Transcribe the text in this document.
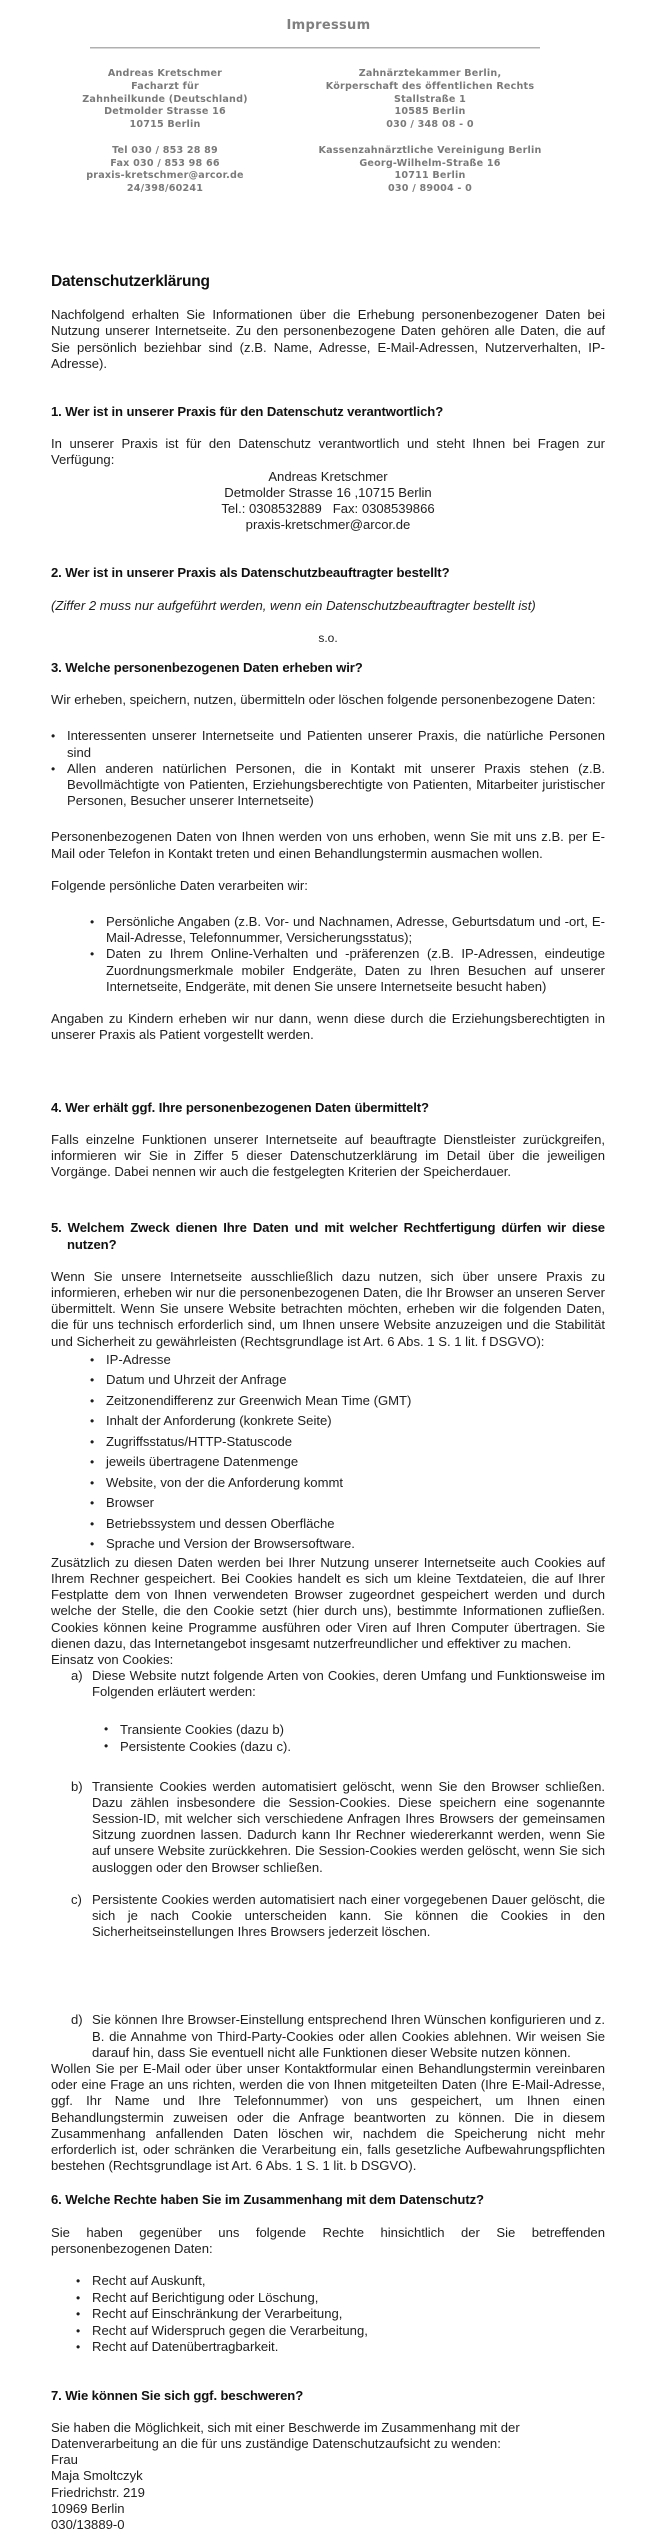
Impressum
Andreas Kretschmer
Facharzt für
Zahnheilkunde (Deutschland)
Detmolder Strasse 16
10715 Berlin
Tel 030 / 853 28 89
Fax 030 / 853 98 66
praxis-kretschmer@arcor.de
24/398/60241
Zahnärztekammer Berlin,
Körperschaft des öffentlichen Rechts
Stallstraße 1
10585 Berlin
030 / 348 08 - 0
Kassenzahnärztliche Vereinigung Berlin
Georg-Wilhelm-Straße 16
10711 Berlin
030 / 89004 - 0
Datenschutzerklärung
Nachfolgend erhalten Sie Informationen über die Erhebung personenbezogener Daten bei Nutzung unserer Internetseite. Zu den personenbezogene Daten gehören alle Daten, die auf Sie persönlich beziehbar sind (z.B. Name, Adresse, E-Mail-Adressen, Nutzerverhalten, IP-Adresse).
1. Wer ist in unserer Praxis für den Datenschutz verantwortlich?
In unserer Praxis ist für den Datenschutz verantwortlich und steht Ihnen bei Fragen zur Verfügung:
Andreas Kretschmer
Detmolder Strasse 16 ,10715 Berlin
Tel.: 0308532889   Fax: 0308539866
praxis-kretschmer@arcor.de
2. Wer ist in unserer Praxis als Datenschutzbeauftragter bestellt?
(Ziffer 2 muss nur aufgeführt werden, wenn ein Datenschutzbeauftragter bestellt ist)
s.o.
3. Welche personenbezogenen Daten erheben wir?
Wir erheben, speichern, nutzen, übermitteln oder löschen folgende personenbezogene Daten:
• Interessenten unserer Internetseite und Patienten unserer Praxis, die natürliche Personen sind
• Allen anderen natürlichen Personen, die in Kontakt mit unserer Praxis stehen (z.B. Bevollmächtigte von Patienten, Erziehungsberechtigte von Patienten, Mitarbeiter juristischer Personen, Besucher unserer Internetseite)
Personenbezogenen Daten von Ihnen werden von uns erhoben, wenn Sie mit uns z.B. per E-Mail oder Telefon in Kontakt treten und einen Behandlungstermin ausmachen wollen.
Folgende persönliche Daten verarbeiten wir:
• Persönliche Angaben (z.B. Vor- und Nachnamen, Adresse, Geburtsdatum und -ort, E-Mail-Adresse, Telefonnummer, Versicherungsstatus);
• Daten zu Ihrem Online-Verhalten und -präferenzen (z.B. IP-Adressen, eindeutige Zuordnungsmerkmale mobiler Endgeräte, Daten zu Ihren Besuchen auf unserer Internetseite, Endgeräte, mit denen Sie unsere Internetseite besucht haben)
Angaben zu Kindern erheben wir nur dann, wenn diese durch die Erziehungsberechtigten in unserer Praxis als Patient vorgestellt werden.
4. Wer erhält ggf. Ihre personenbezogenen Daten übermittelt?
Falls einzelne Funktionen unserer Internetseite auf beauftragte Dienstleister zurückgreifen, informieren wir Sie in Ziffer 5 dieser Datenschutzerklärung im Detail über die jeweiligen Vorgänge. Dabei nennen wir auch die festgelegten Kriterien der Speicherdauer.
5. Welchem Zweck dienen Ihre Daten und mit welcher Rechtfertigung dürfen wir diese nutzen?
Wenn Sie unsere Internetseite ausschließlich dazu nutzen, sich über unsere Praxis zu informieren, erheben wir nur die personenbezogenen Daten, die Ihr Browser an unseren Server übermittelt. Wenn Sie unsere Website betrachten möchten, erheben wir die folgenden Daten, die für uns technisch erforderlich sind, um Ihnen unsere Website anzuzeigen und die Stabilität und Sicherheit zu gewährleisten (Rechtsgrundlage ist Art. 6 Abs. 1 S. 1 lit. f DSGVO):
• IP-Adresse
• Datum und Uhrzeit der Anfrage
• Zeitzonendifferenz zur Greenwich Mean Time (GMT)
• Inhalt der Anforderung (konkrete Seite)
• Zugriffsstatus/HTTP-Statuscode
• jeweils übertragene Datenmenge
• Website, von der die Anforderung kommt
• Browser
• Betriebssystem und dessen Oberfläche
• Sprache und Version der Browsersoftware.
Zusätzlich zu diesen Daten werden bei Ihrer Nutzung unserer Internetseite auch Cookies auf Ihrem Rechner gespeichert. Bei Cookies handelt es sich um kleine Textdateien, die auf Ihrer Festplatte dem von Ihnen verwendeten Browser zugeordnet gespeichert werden und durch welche der Stelle, die den Cookie setzt (hier durch uns), bestimmte Informationen zufließen. Cookies können keine Programme ausführen oder Viren auf Ihren Computer übertragen. Sie dienen dazu, das Internetangebot insgesamt nutzerfreundlicher und effektiver zu machen.
Einsatz von Cookies:
a) Diese Website nutzt folgende Arten von Cookies, deren Umfang und Funktionsweise im Folgenden erläutert werden:
• Transiente Cookies (dazu b)
• Persistente Cookies (dazu c).
b) Transiente Cookies werden automatisiert gelöscht, wenn Sie den Browser schließen. Dazu zählen insbesondere die Session-Cookies. Diese speichern eine sogenannte Session-ID, mit welcher sich verschiedene Anfragen Ihres Browsers der gemeinsamen Sitzung zuordnen lassen. Dadurch kann Ihr Rechner wiedererkannt werden, wenn Sie auf unsere Website zurückkehren. Die Session-Cookies werden gelöscht, wenn Sie sich ausloggen oder den Browser schließen.
c) Persistente Cookies werden automatisiert nach einer vorgegebenen Dauer gelöscht, die sich je nach Cookie unterscheiden kann. Sie können die Cookies in den Sicherheitseinstellungen Ihres Browsers jederzeit löschen.
d) Sie können Ihre Browser-Einstellung entsprechend Ihren Wünschen konfigurieren und z. B. die Annahme von Third-Party-Cookies oder allen Cookies ablehnen. Wir weisen Sie darauf hin, dass Sie eventuell nicht alle Funktionen dieser Website nutzen können.
Wollen Sie per E-Mail oder über unser Kontaktformular einen Behandlungstermin vereinbaren oder eine Frage an uns richten, werden die von Ihnen mitgeteilten Daten (Ihre E-Mail-Adresse, ggf. Ihr Name und Ihre Telefonnummer) von uns gespeichert, um Ihnen einen Behandlungstermin zuweisen oder die Anfrage beantworten zu können. Die in diesem Zusammenhang anfallenden Daten löschen wir, nachdem die Speicherung nicht mehr erforderlich ist, oder schränken die Verarbeitung ein, falls gesetzliche Aufbewahrungspflichten bestehen (Rechtsgrundlage ist Art. 6 Abs. 1 S. 1 lit. b DSGVO).
6. Welche Rechte haben Sie im Zusammenhang mit dem Datenschutz?
Sie haben gegenüber uns folgende Rechte hinsichtlich der Sie betreffenden personenbezogenen Daten:
• Recht auf Auskunft,
• Recht auf Berichtigung oder Löschung,
• Recht auf Einschränkung der Verarbeitung,
• Recht auf Widerspruch gegen die Verarbeitung,
• Recht auf Datenübertragbarkeit.
7. Wie können Sie sich ggf. beschweren?
Sie haben die Möglichkeit, sich mit einer Beschwerde im Zusammenhang mit der Datenverarbeitung an die für uns zuständige Datenschutzaufsicht zu wenden:
Frau
Maja Smoltczyk
Friedrichstr. 219
10969 Berlin
030/13889-0
